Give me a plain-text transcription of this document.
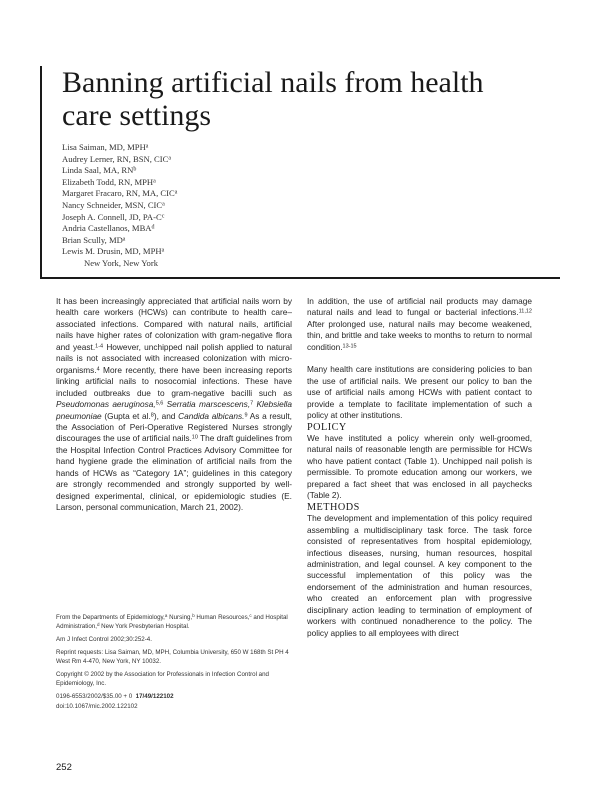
Banning artificial nails from health care settings
Lisa Saiman, MD, MPH$^a$
Audrey Lerner, RN, BSN, CIC$^a$
Linda Saal, MA, $RN^b$
Elizabeth Todd, RN, MPH$^a$
Margaret Fracaro, RN, MA, CIC$^a$
Nancy Schneider, MSN, CIC$^a$
Joseph A. Connell, JD, $PA-C^c$
Andria Castellanos, MBA$^d$
Brian Scully, $MD^a$
Lewis M. Drusin, MD, MPH$^a$
New York, New York

It has been increasingly appreciated that artificial nails worn by health care workers (HCWs) can contribute to health care–associated infections. Compared with natural nails, artificial nails have higher rates of colonization with gram-negative flora and yeast.$^{1-4}$ However, unchipped nail polish applied to natural nails is not associated with increased colonization with micro-organisms.$^4$ More recently, there have been increasing reports linking artificial nails to nosocomial infections. These have included outbreaks due to gram-negative bacilli such as Pseudomonas aeruginosa,$^{5,6}$ Serratia marscescens,$^7$ Klebsiella pneumoniae (Gupta et al.$^8$), and Candida albicans.$^9$ As a result, the Association of Peri-Operative Registered Nurses strongly discourages the use of artificial nails.$^{10}$ The draft guidelines from the Hospital Infection Control Practices Advisory Committee for hand hygiene grade the elimination of artificial nails from the hands of HCWs as “Category 1A”; guidelines in this category are strongly recommended and strongly supported by well-designed experimental, clinical, or epidemiologic studies (E. Larson, personal communication, March 21, 2002).

In addition, the use of artificial nail products may damage natural nails and lead to fungal or bacterial infections.$^{11,12}$ After prolonged use, natural nails may become weakened, thin, and brittle and take weeks to months to return to normal condition.$^{13-15}$

Many health care institutions are considering policies to ban the use of artificial nails. We present our policy to ban the use of artificial nails among HCWs with patient contact to provide a template to facilitate implementation of such a policy at other institutions.

POLICY

We have instituted a policy wherein only well-groomed, natural nails of reasonable length are permissible for HCWs who have patient contact (Table 1). Unchipped nail polish is permissible. To promote education among our workers, we prepared a fact sheet that was enclosed in all paychecks (Table 2).

METHODS

The development and implementation of this policy required assembling a multidisciplinary task force. The task force consisted of representatives from hospital epidemiology, infectious diseases, nursing, human resources, hospital administration, and legal counsel. A key component to the successful implementation of this policy was the endorsement of the administration and human resources, who created an enforcement plan with progressive disciplinary action leading to termination of employment of workers with continued nonadherence to the policy. The policy applies to all employees with direct

From the Departments of Epidemiology,$^a$ Nursing,$^b$ Human Resources,$^c$ and Hospital Administration,$^d$ New York Presbyterian Hospital.

Am J Infect Control 2002;30:252-4.

Reprint requests: Lisa Saiman, MD, MPH, Columbia University, 650 W 168th St PH 4 West Rm 4-470, New York, NY 10032.

Copyright © 2002 by the Association for Professionals in Infection Control and Epidemiology, Inc.

0196-6553/2002/$35.00 + 0 17/49/122102

doi:10.1067/mic.2002.122102

252
